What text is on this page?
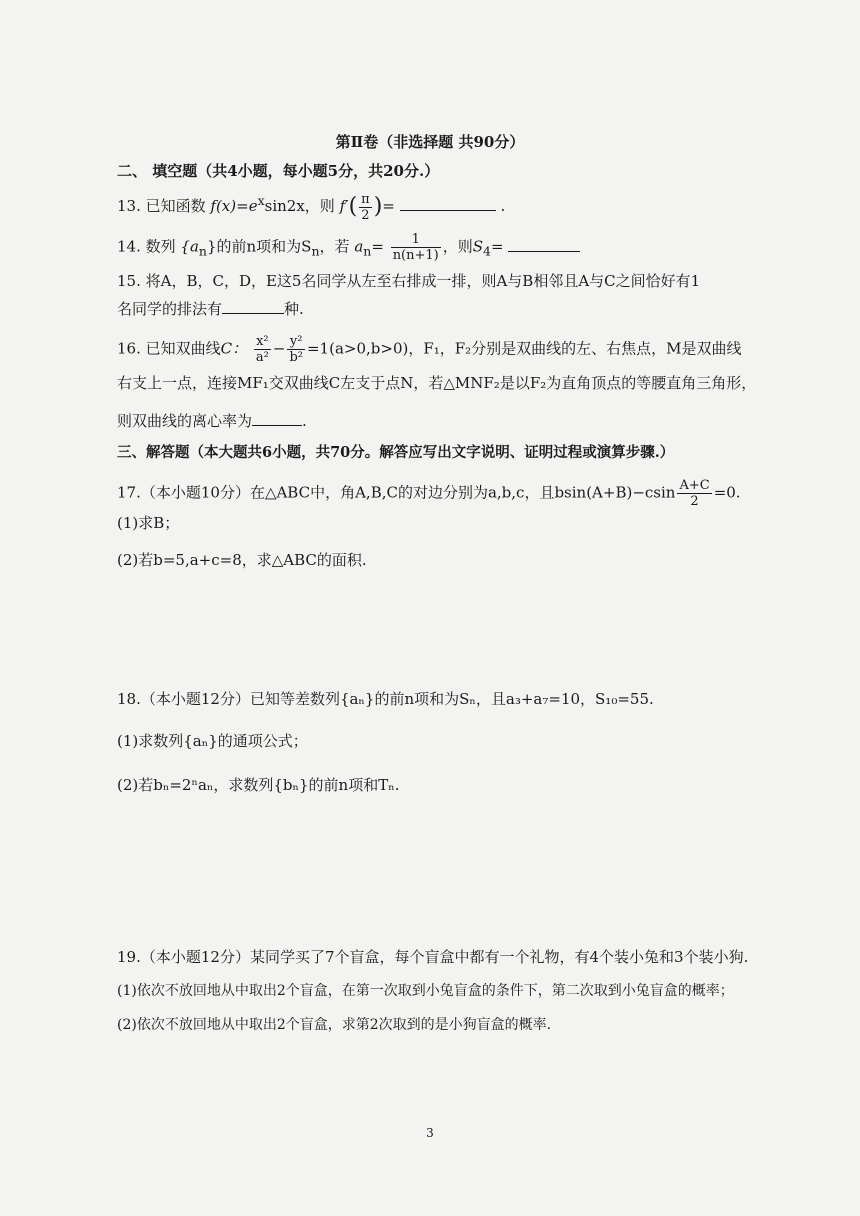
第Ⅱ卷（非选择题 共90分）
二、 填空题（共4小题，每小题5分，共20分.）
13. 已知函数 $f(x)=e^x\sin 2x$，则 $f'( \frac{\pi}{2}$ )=	.
14. 数列 $\{a_n\}$的前n项和为$S_n$，若 $a_n= \frac{1}{n(n+1)}$ ，则$S_4=$
15. 将A，B，C，D，E这5名同学从左至右排成一排，则A与B相邻且A与C之间恰好有1
名同学的排法有	种.
16. 已知双曲线C： $\frac{\text{x²}}{\text{a²}} - \frac{\text{y²}}{\text{b²}} =1(a>0,b>0)$，F₁，F₂分别是双曲线的左、右焦点，M是双曲线
右支上一点，连接MF₁交双曲线C左支于点N，若△MNF₂是以F₂为直角顶点的等腰直角三角形，
则双曲线的离心率为	.
三、解答题（本大题共6小题，共70分。解答应写出文字说明、证明过程或演算步骤.）
17.（本小题10分）在△ABC中，角A,B,C的对边分别为a,b,c，且$bsin(A+B)-csin \frac{A+C}{2} =0$.
(1)求B；
(2)若b=5,a+c=8，求△ABC的面积.
18.（本小题12分）已知等差数列{aₙ}的前n项和为Sₙ，且a₃+a₇=10，S₁₀=55.
(1)求数列{aₙ}的通项公式；
(2)若bₙ=2ⁿaₙ，求数列{bₙ}的前n项和Tₙ.
19.（本小题12分）某同学买了7个盲盒，每个盲盒中都有一个礼物，有4个装小兔和3个装小狗.
(1)依次不放回地从中取出2个盲盒，在第一次取到小兔盲盒的条件下，第二次取到小兔盲盒的概率；
(2)依次不放回地从中取出2个盲盒，求第2次取到的是小狗盲盒的概率.
3
